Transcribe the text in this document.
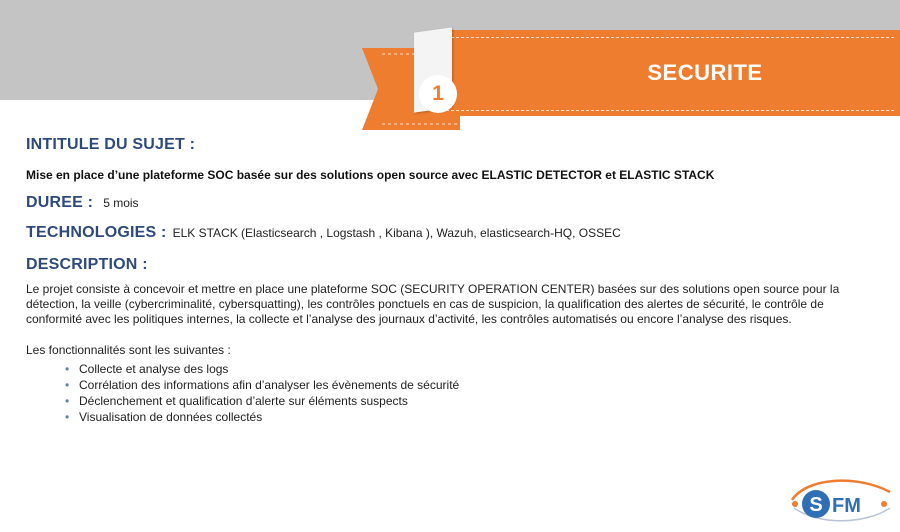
1
SECURITE
INTITULE DU SUJET :
Mise en place d’une plateforme SOC basée sur des solutions open source avec ELASTIC DETECTOR et ELASTIC STACK
DUREE : 5 mois
TECHNOLOGIES : ELK STACK (Elasticsearch , Logstash , Kibana ), Wazuh, elasticsearch-HQ, OSSEC
DESCRIPTION :
Le projet consiste à concevoir et mettre en place une plateforme SOC (SECURITY OPERATION CENTER) basées sur des solutions open source pour la détection, la veille (cybercriminalité, cybersquatting), les contrôles ponctuels en cas de suspicion, la qualification des alertes de sécurité, le contrôle de conformité avec les politiques internes, la collecte et l’analyse des journaux d’activité, les contrôles automatisés ou encore l’analyse des risques.
Les fonctionnalités sont les suivantes :
• Collecte et analyse des logs
• Corrélation des informations afin d’analyser les évènements de sécurité
• Déclenchement et qualification d’alerte sur éléments suspects
• Visualisation de données collectés
S FM
